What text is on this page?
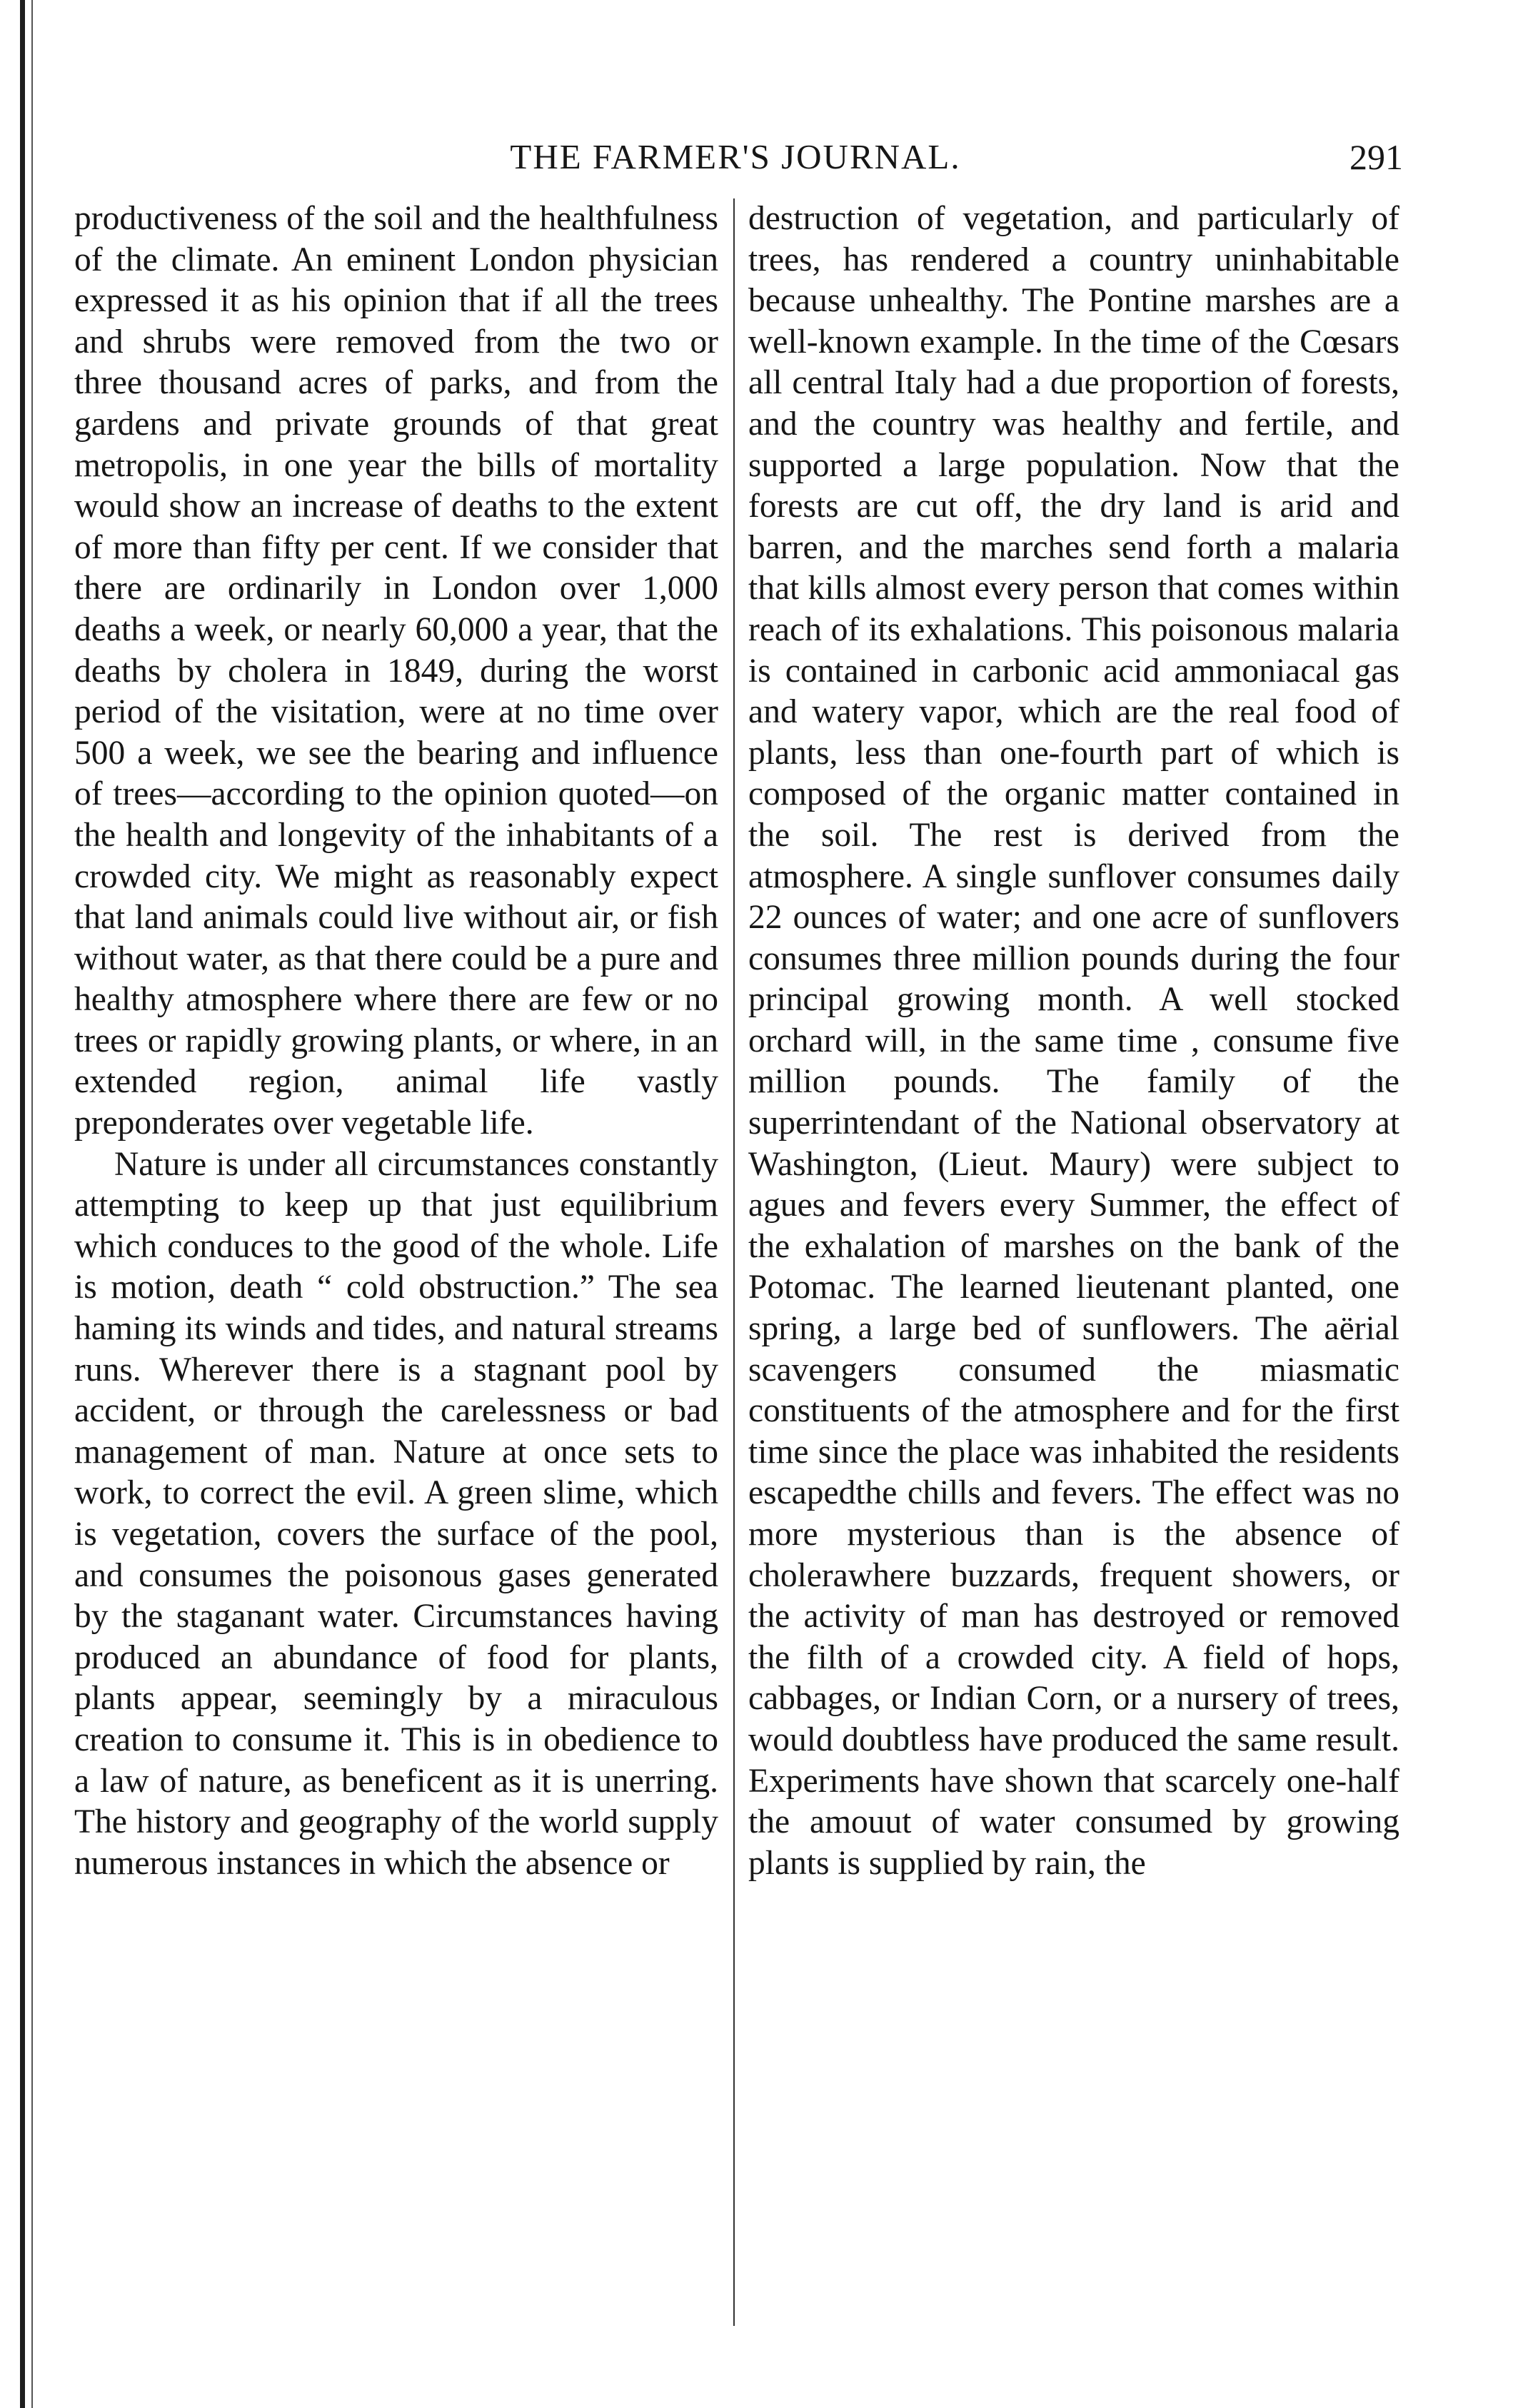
THE FARMER'S JOURNAL.	291

productiveness of the soil and the healthfulness of the climate. An eminent London physician expressed it as his opinion that if all the trees and shrubs were removed from the two or three thousand acres of parks, and from the gardens and private grounds of that great metropolis, in one year the bills of mortality would show an increase of deaths to the extent of more than fifty per cent. If we consider that there are ordinarily in London over 1,000 deaths a week, or nearly 60,000 a year, that the deaths by cholera in 1849, during the worst period of the visitation, were at no time over 500 a week, we see the bearing and influence of trees—according to the opinion quoted—on the health and longevity of the inhabitants of a crowded city. We might as reasonably expect that land animals could live without air, or fish without water, as that there could be a pure and healthy atmosphere where there are few or no trees or rapidly growing plants, or where, in an extended region, animal life vastly preponderates over vegetable life.

Nature is under all circumstances constantly attempting to keep up that just equilibrium which conduces to the good of the whole. Life is motion, death “ cold obstruction.” The sea haming its winds and tides, and natural streams runs. Wherever there is a stagnant pool by accident, or through the carelessness or bad management of man. Nature at once sets to work, to correct the evil. A green slime, which is vegetation, covers the surface of the pool, and consumes the poisonous gases generated by the staganant water. Circumstances having produced an abundance of food for plants, plants appear, seemingly by a miraculous creation to consume it. This is in obedience to a law of nature, as beneficent as it is unerring. The history and geography of the world supply numerous instances in which the absence or

destruction of vegetation, and particularly of trees, has rendered a country uninhabitable because unhealthy. The Pontine marshes are a well-known example. In the time of the Cœsars all central Italy had a due proportion of forests, and the country was healthy and fertile, and supported a large population. Now that the forests are cut off, the dry land is arid and barren, and the marches send forth a malaria that kills almost every person that comes within reach of its exhalations. This poisonous malaria is contained in carbonic acid ammoniacal gas and watery vapor, which are the real food of plants, less than one-fourth part of which is composed of the organic matter contained in the soil. The rest is derived from the atmosphere. A single sunflover consumes daily 22 ounces of water; and one acre of sunflovers consumes three million pounds during the four principal growing month. A well stocked orchard will, in the same time , consume five million pounds. The family of the superrintendant of the National observatory at Washington, (Lieut. Maury) were subject to agues and fevers every Summer, the effect of the exhalation of marshes on the bank of the Potomac. The learned lieutenant planted, one spring, a large bed of sunflowers. The aërial scavengers consumed the miasmatic constituents of the atmosphere and for the first time since the place was inhabited the residents escapedthe chills and fevers. The effect was no more mysterious than is the absence of cholerawhere buzzards, frequent showers, or the activity of man has destroyed or removed the filth of a crowded city. A field of hops, cabbages, or Indian Corn, or a nursery of trees, would doubtless have produced the same result. Experiments have shown that scarcely one-half the amouut of water consumed by growing plants is supplied by rain, the
